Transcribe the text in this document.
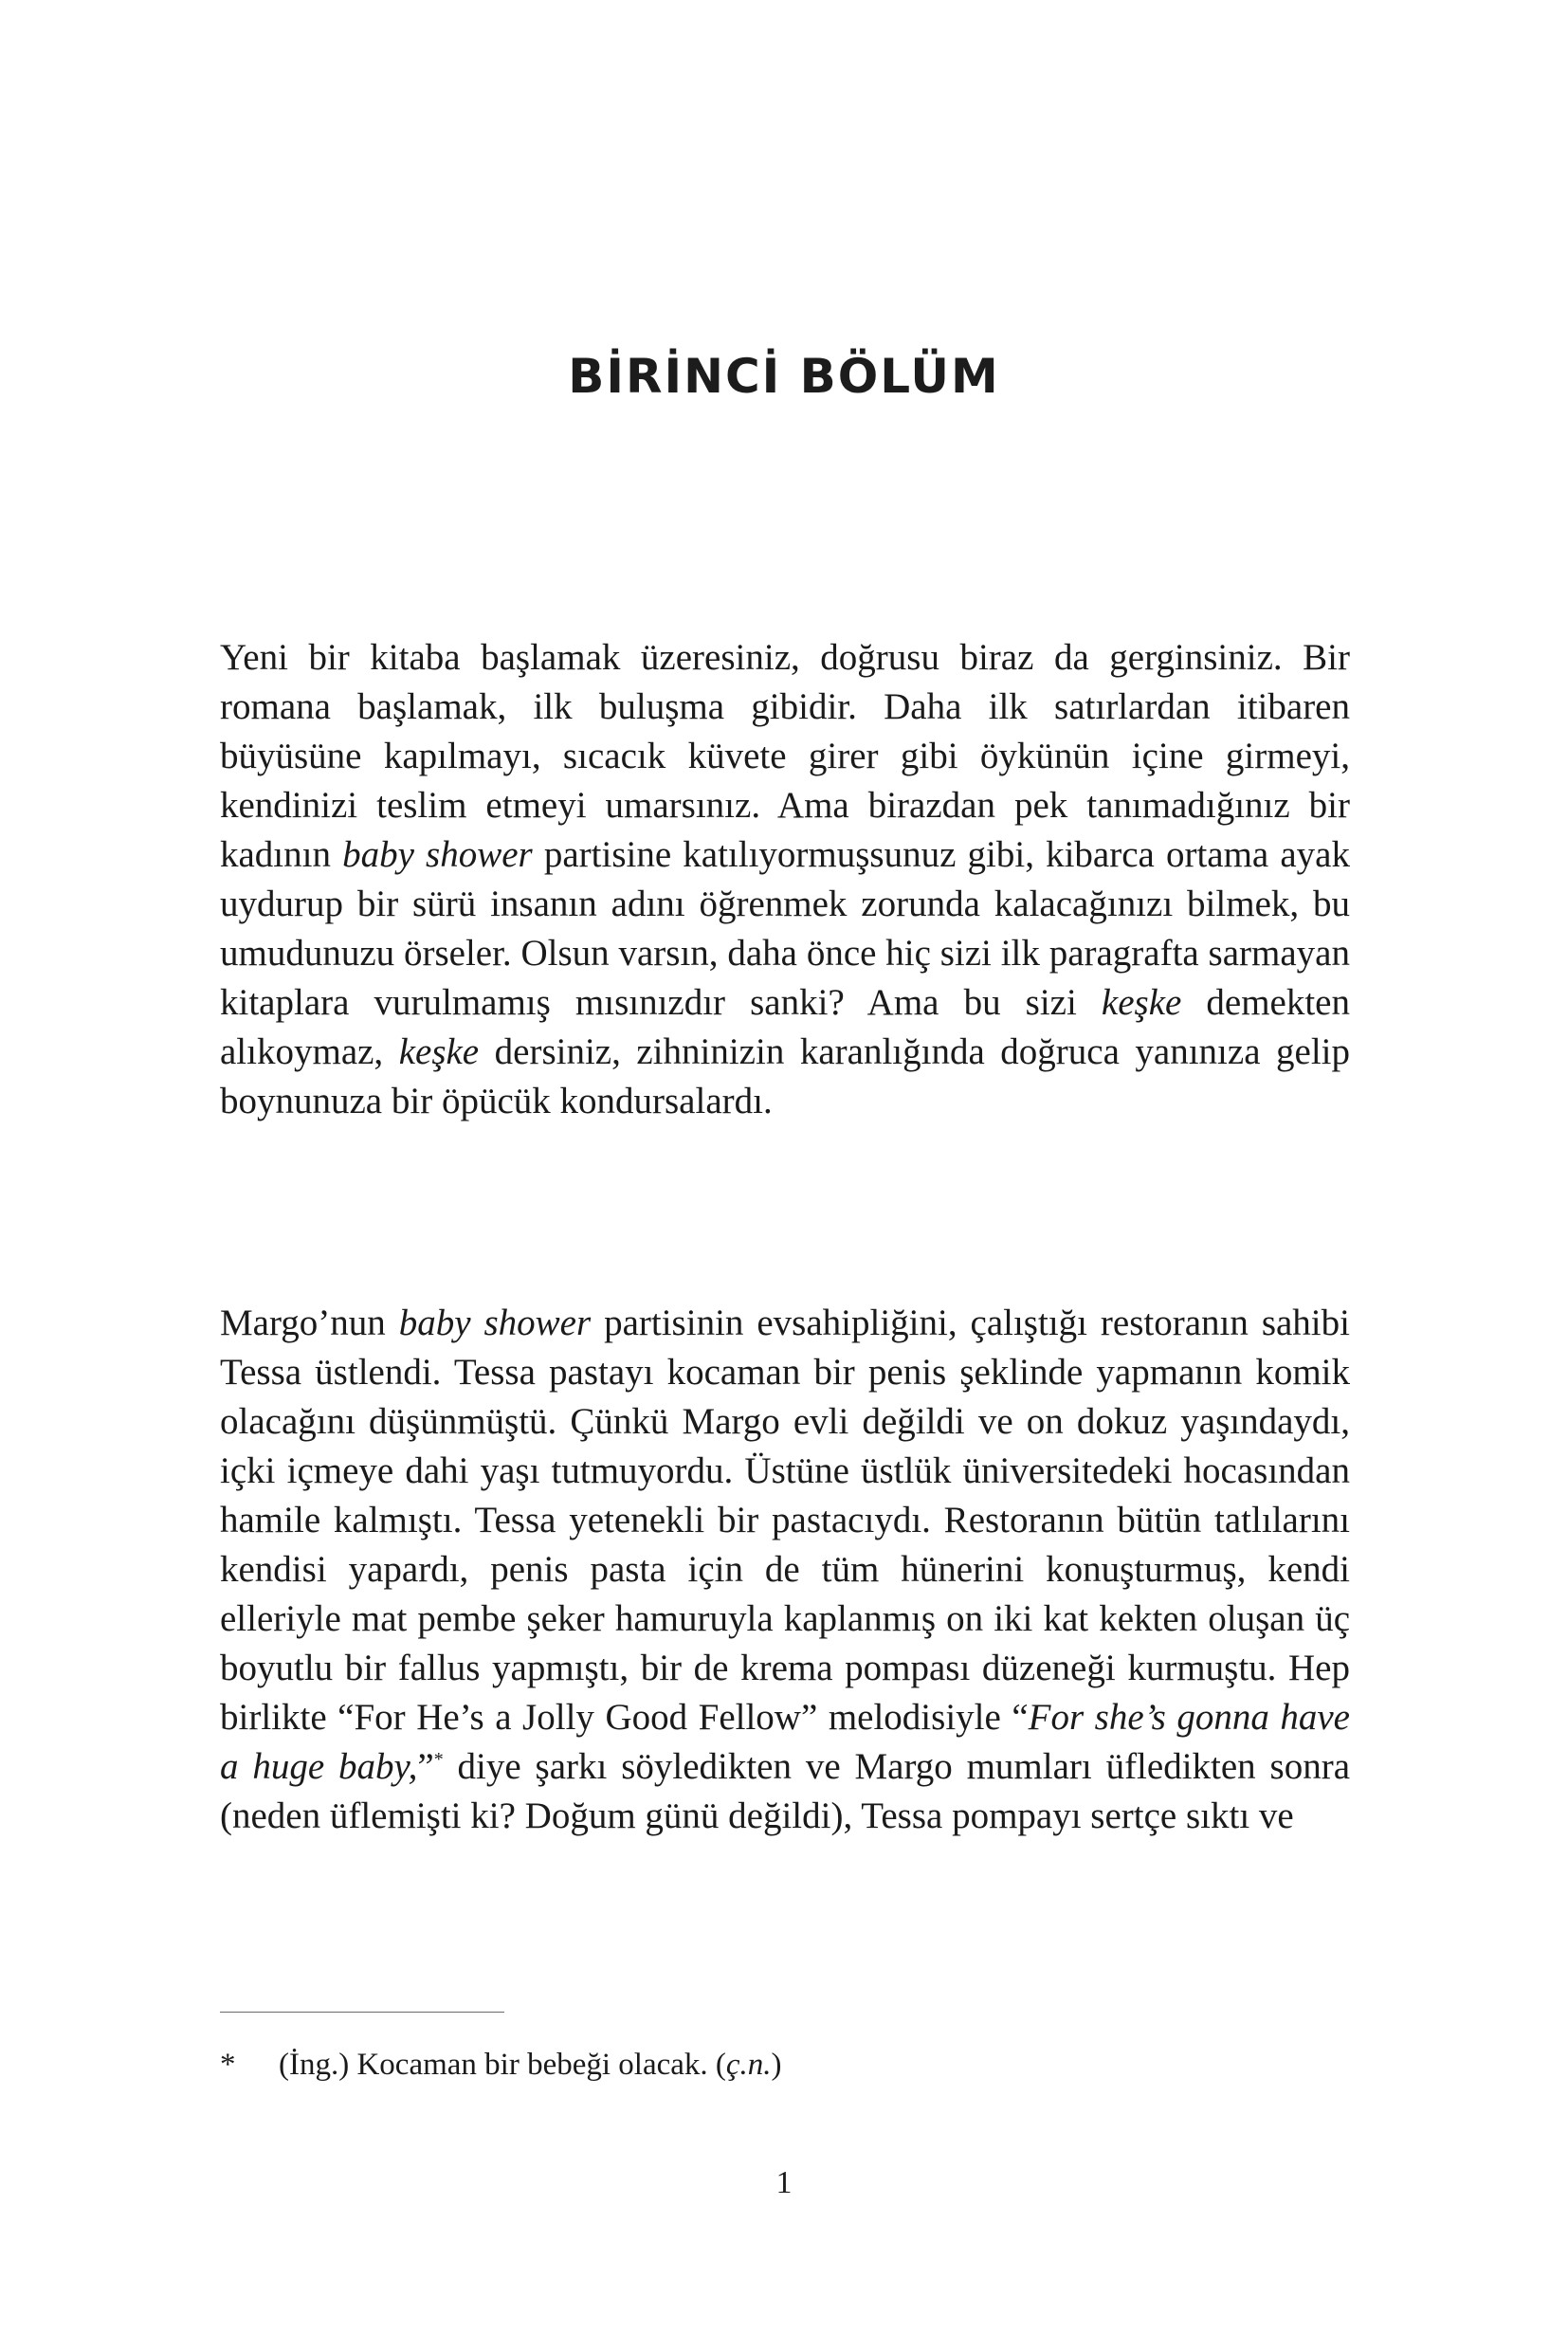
BİRİNCİ BÖLÜM
Yeni bir kitaba başlamak üzeresiniz, doğrusu biraz da gerginsiniz. Bir romana başlamak, ilk buluşma gibidir. Daha ilk satırlardan itibaren büyüsüne kapılmayı, sıcacık küvete girer gibi öykünün içine girmeyi, kendinizi teslim etmeyi umarsınız. Ama birazdan pek tanımadığınız bir kadının baby shower partisine katılıyormuşsunuz gibi, kibarca ortama ayak uydurup bir sürü insanın adını öğrenmek zorunda kalacağınızı bilmek, bu umudunuzu örseler. Olsun varsın, daha önce hiç sizi ilk paragrafta sarmayan kitaplara vurulmamış mısınızdır sanki? Ama bu sizi keşke demekten alıkoymaz, keşke dersiniz, zihninizin karanlığında doğruca yanınıza gelip boynunuza bir öpücük kondursalardı.
Margo’nun baby shower partisinin evsahipliğini, çalıştığı restoranın sahibi Tessa üstlendi. Tessa pastayı kocaman bir penis şeklinde yapmanın komik olacağını düşünmüştü. Çünkü Margo evli değildi ve on dokuz yaşındaydı, içki içmeye dahi yaşı tutmuyordu. Üstüne üstlük üniversitedeki hocasından hamile kalmıştı. Tessa yetenekli bir pastacıydı. Restoranın bütün tatlılarını kendisi yapardı, penis pasta için de tüm hünerini konuşturmuş, kendi elleriyle mat pembe şeker hamuruyla kaplanmış on iki kat kekten oluşan üç boyutlu bir fallus yapmıştı, bir de krema pompası düzeneği kurmuştu. Hep birlikte “For He’s a Jolly Good Fellow” melodisiyle “For she’s gonna have a huge baby,”* diye şarkı söyledikten ve Margo mumları üfledikten sonra (neden üflemişti ki? Doğum günü değildi), Tessa pompayı sertçe sıktı ve
* (İng.) Kocaman bir bebeği olacak. (ç.n.)
1
